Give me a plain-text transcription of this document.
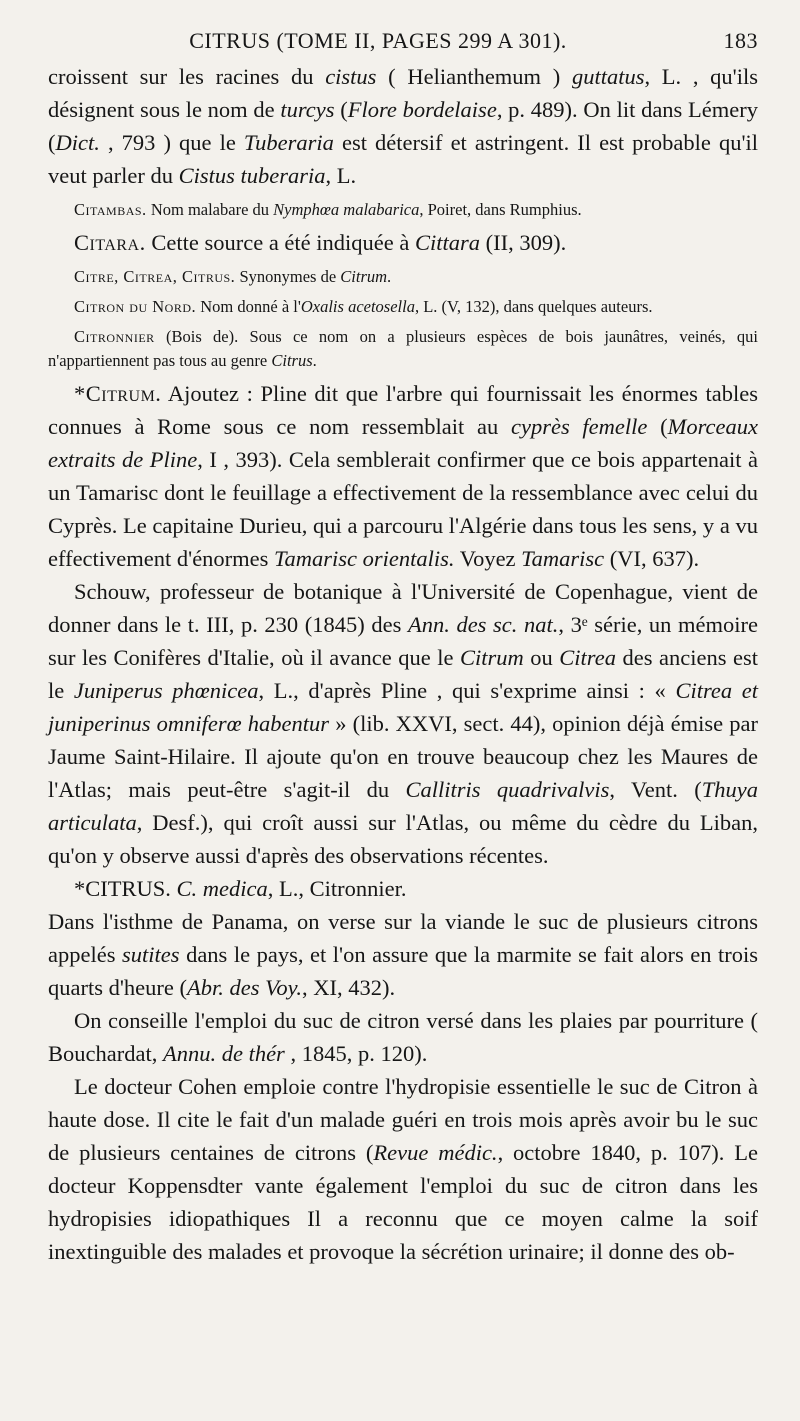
CITRUS (TOME II, PAGES 299 A 301).	183

croissent sur les racines du cistus ( Helianthemum ) guttatus, L. , qu'ils désignent sous le nom de turcys (Flore bordelaise, p. 489). On lit dans Lémery (Dict. , 793 ) que le Tuberaria est détersif et astringent. Il est probable qu'il veut parler du Cistus tuberaria, L.

Citambas. Nom malabare du Nymphœa malabarica, Poiret, dans Rumphius.

Citara. Cette source a été indiquée à Cittara (II, 309).

Citre, Citrea, Citrus. Synonymes de Citrum.

Citron du Nord. Nom donné à l'Oxalis acetosella, L. (V, 132), dans quelques auteurs.

Citronnier (Bois de). Sous ce nom on a plusieurs espèces de bois jaunâtres, veinés, qui n'appartiennent pas tous au genre Citrus.

*Citrum. Ajoutez : Pline dit que l'arbre qui fournissait les énormes tables connues à Rome sous ce nom ressemblait au cyprès femelle (Morceaux extraits de Pline, I , 393). Cela semblerait confirmer que ce bois appartenait à un Tamarisc dont le feuillage a effectivement de la ressemblance avec celui du Cyprès. Le capitaine Durieu, qui a parcouru l'Algérie dans tous les sens, y a vu effectivement d'énormes Tamarisc orientalis. Voyez Tamarisc (VI, 637).

Schouw, professeur de botanique à l'Université de Copenhague, vient de donner dans le t. III, p. 230 (1845) des Ann. des sc. nat., 3ᵉ série, un mémoire sur les Conifères d'Italie, où il avance que le Citrum ou Citrea des anciens est le Juniperus phœnicea, L., d'après Pline , qui s'exprime ainsi : « Citrea et juniperinus omniferœ habentur » (lib. XXVI, sect. 44), opinion déjà émise par Jaume Saint-Hilaire. Il ajoute qu'on en trouve beaucoup chez les Maures de l'Atlas; mais peut-être s'agit-il du Callitris quadrivalvis, Vent. (Thuya articulata, Desf.), qui croît aussi sur l'Atlas, ou même du cèdre du Liban, qu'on y observe aussi d'après des observations récentes.

*CITRUS. C. medica, L., Citronnier.

Dans l'isthme de Panama, on verse sur la viande le suc de plusieurs citrons appelés sutites dans le pays, et l'on assure que la marmite se fait alors en trois quarts d'heure (Abr. des Voy., XI, 432).

On conseille l'emploi du suc de citron versé dans les plaies par pourriture ( Bouchardat, Annu. de thér , 1845, p. 120).

Le docteur Cohen emploie contre l'hydropisie essentielle le suc de Citron à haute dose. Il cite le fait d'un malade guéri en trois mois après avoir bu le suc de plusieurs centaines de citrons (Revue médic., octobre 1840, p. 107). Le docteur Koppensdter vante également l'emploi du suc de citron dans les hydropisies idiopathiques Il a reconnu que ce moyen calme la soif inextinguible des malades et provoque la sécrétion urinaire; il donne des ob-
